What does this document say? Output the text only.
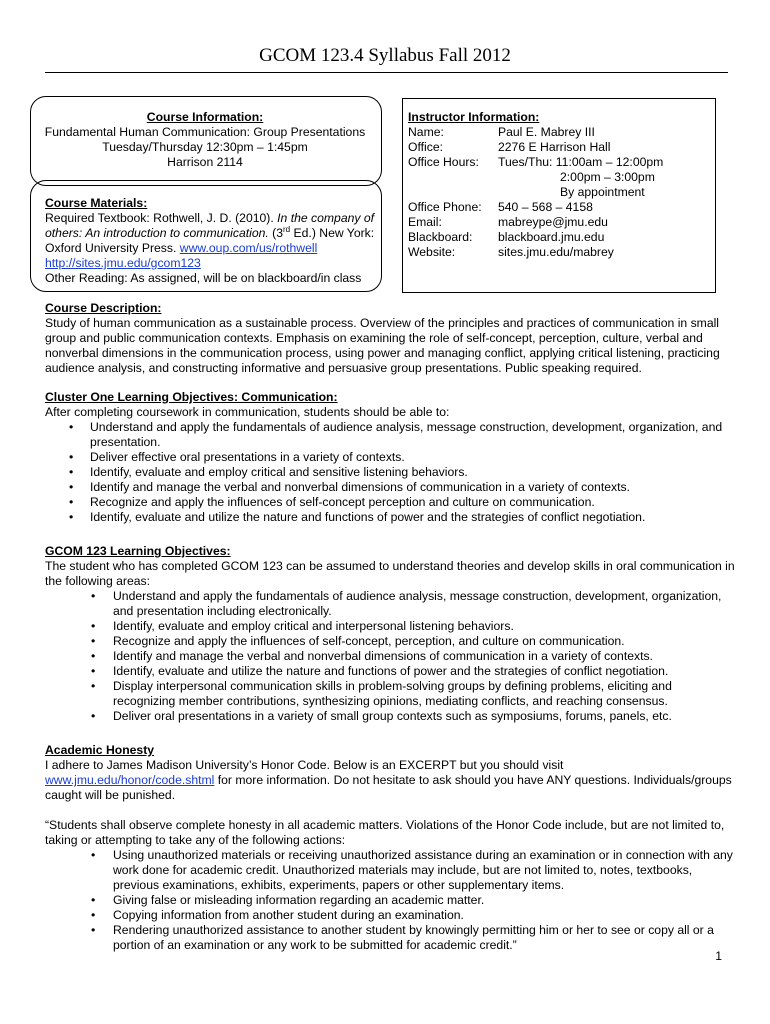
GCOM 123.4 Syllabus Fall 2012
Course Information:
Fundamental Human Communication: Group Presentations
Tuesday/Thursday 12:30pm – 1:45pm
Harrison 2114
Course Materials:
Required Textbook: Rothwell, J. D. (2010). In the company of others: An introduction to communication. (3rd Ed.) New York: Oxford University Press. www.oup.com/us/rothwell
http://sites.jmu.edu/gcom123
Other Reading: As assigned, will be on blackboard/in class
Instructor Information:
Name:	Paul E. Mabrey III
Office:	2276 E Harrison Hall
Office Hours:	Tues/Thu: 11:00am – 12:00pm
2:00pm – 3:00pm
By appointment
Office Phone:	540 – 568 – 4158
Email:	mabreype@jmu.edu
Blackboard:	blackboard.jmu.edu
Website:	sites.jmu.edu/mabrey
Course Description:

Study of human communication as a sustainable process. Overview of the principles and practices of communication in small group and public communication contexts. Emphasis on examining the role of self-concept, perception, culture, verbal and nonverbal dimensions in the communication process, using power and managing conflict, applying critical listening, practicing audience analysis, and constructing informative and persuasive group presentations. Public speaking required.

Cluster One Learning Objectives: Communication:

After completing coursework in communication, students should be able to:

• Understand and apply the fundamentals of audience analysis, message construction, development, organization, and presentation.
• Deliver effective oral presentations in a variety of contexts.
• Identify, evaluate and employ critical and sensitive listening behaviors.
• Identify and manage the verbal and nonverbal dimensions of communication in a variety of contexts.
• Recognize and apply the influences of self-concept perception and culture on communication.
• Identify, evaluate and utilize the nature and functions of power and the strategies of conflict negotiation.
GCOM 123 Learning Objectives:

The student who has completed GCOM 123 can be assumed to understand theories and develop skills in oral communication in the following areas:

• Understand and apply the fundamentals of audience analysis, message construction, development, organization, and presentation including electronically.
• Identify, evaluate and employ critical and interpersonal listening behaviors.
• Recognize and apply the influences of self-concept, perception, and culture on communication.
• Identify and manage the verbal and nonverbal dimensions of communication in a variety of contexts.
• Identify, evaluate and utilize the nature and functions of power and the strategies of conflict negotiation.
• Display interpersonal communication skills in problem-solving groups by defining problems, eliciting and recognizing member contributions, synthesizing opinions, mediating conflicts, and reaching consensus.
• Deliver oral presentations in a variety of small group contexts such as symposiums, forums, panels, etc.
Academic Honesty

I adhere to James Madison University’s Honor Code. Below is an EXCERPT but you should visit www.jmu.edu/honor/code.shtml for more information. Do not hesitate to ask should you have ANY questions. Individuals/groups caught will be punished.

“Students shall observe complete honesty in all academic matters. Violations of the Honor Code include, but are not limited to, taking or attempting to take any of the following actions:

• Using unauthorized materials or receiving unauthorized assistance during an examination or in connection with any work done for academic credit. Unauthorized materials may include, but are not limited to, notes, textbooks, previous examinations, exhibits, experiments, papers or other supplementary items.
• Giving false or misleading information regarding an academic matter.
• Copying information from another student during an examination.
• Rendering unauthorized assistance to another student by knowingly permitting him or her to see or copy all or a portion of an examination or any work to be submitted for academic credit.”
1
